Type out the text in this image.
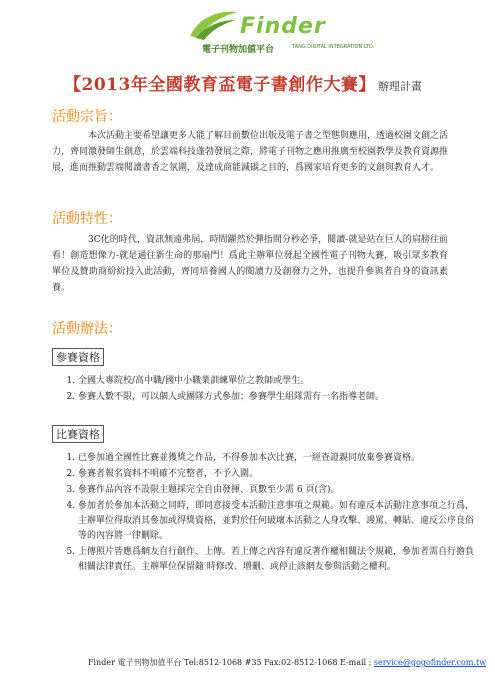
Finder
電子刊物加値平台	TANG DIGITAL INTEGRATION LTD.
【2013年全國教育盃電子書創作大賽】 辦理計畫
活動宗旨：

本次活動主要希望讓更多人能了解目前數位出版及電子書之型態與應用，透過校園文創之活力，齊同激發師生創意，於雲端科技蓬勃發展之際，將電子刊物之應用推廣至校園教學及教育資源推展，進而推動雲端閱讀書香之氛圍，及達成商能減碳之目的，爲國家培育更多的文創與教育人才。

活動特性：

3C化的時代，資訊無遠弗屆，時間躍然於彈指間分秒必爭，閱讀-就是站在巨人的肩膀往前看！創造想像力-就是通往新生命的那扇門！爲此主辦單位發起全國性電子刊物大賽，吸引眾多教育單位及贊助商紛紛投入此活動，齊同培養國人的閱讀力及創發力之外，也提升參與者自身的資訊素養。

活動辦法：
參賽資格
1. 全國大專院校/高中職/國中小職業訓練單位之教師或學生。
2. 參賽人數不限，可以個人或團隊方式參加；參賽學生組隊需有一名指導老師。
比賽資格
1. 已參加過全國性比賽並獲獎之作品，不得參加本次比賽，一經查證親同放棄參賽資格。
2. 參賽者報名資料不明確不完整者，不予入圍。
3. 參賽作品內容不設限主題採完全自由發揮、頁數至少需 6 頁(含)。
4. 參加者於參加本活動之同時，即同意接受本活動注意事項之規範。如有違反本活動注意事項之行爲，主辦單位得取消其參加或得獎資格，並對於任何破壞本活動之人身攻擊、謾罵、轉貼、違反公序良俗等的內容將一律刪除。
5. 上傳照片皆應爲網友自行創作、上傳。若上傳之內容有違反著作權相關法令規範，參加者需自行擔負相關法律責任。主辦單位保留隨 時修改、增刪、或停止該網友參與活動之權利。
Finder 電子刊物加值平台 Tel:8512-1068 #35 Fax:02-8512-1068 E-mail : service@gogofinder.com.tw
